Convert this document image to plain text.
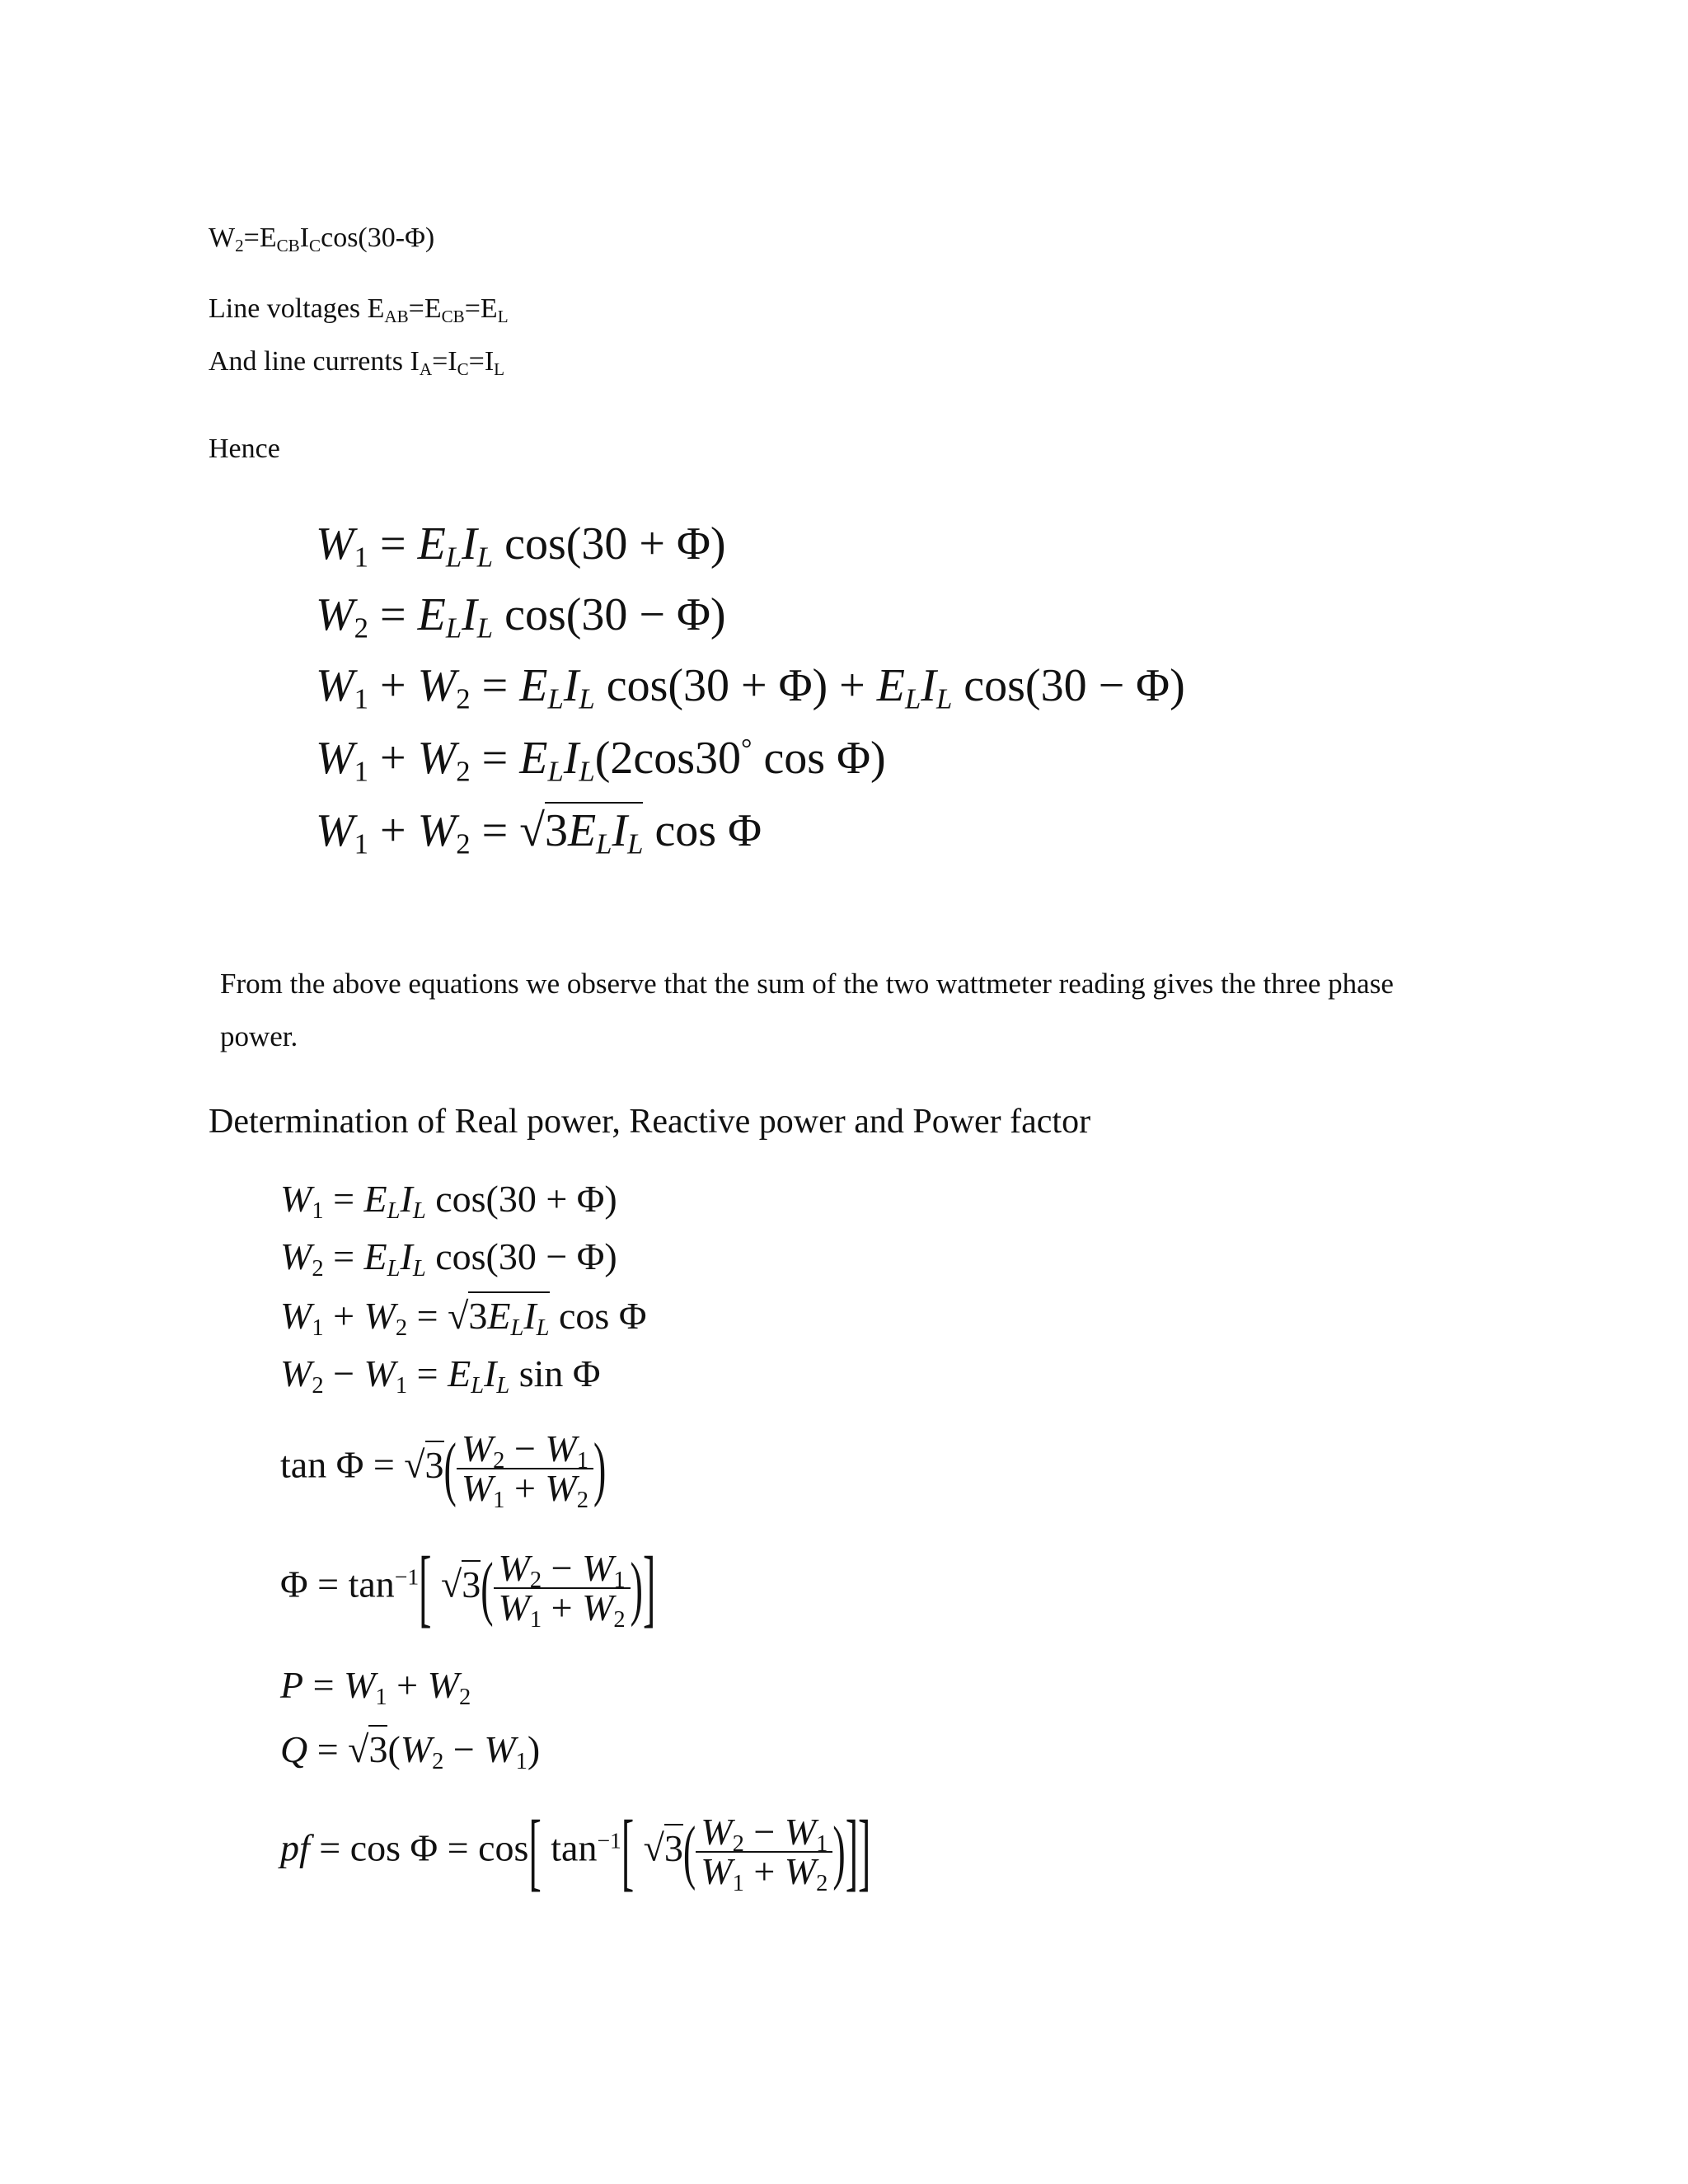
$W_2=E_{CB}I_C\cos(30-\Phi)$
Line voltages $E_{AB}=E_{CB}=E_L$
And line currents $I_A=I_C=I_L$
Hence
$W_1 = E_LI_L$ cos(30 + Φ)
$W_2 = E_LI_L$ cos(30 − Φ)
$W_1 + W_2 = E_LI_L$ $\cos(30 + \Phi) + E_LI_L$ cos(30 − Φ)
$W_1 + W_2 = E_LI_L(2\cos 30^\circ$ cos Φ)
$W_1 + W_2 = √3E_LI_L$ cos Φ
From the above equations we observe that the sum of the two wattmeter reading gives the three phase power.
Determination of Real power, Reactive power and Power factor
$W_1 = E_LI_L$ cos(30 + Φ)
$W_2 = E_LI_L$ cos(30 − Φ)
$W_1 + W_2 = √3E_LI_L$ cos Φ
$W_2 - W_1 = E_LI_L$ sin Φ
$\tan \Phi = √3( \frac{W_2 - W_1}{W_1 + W_2}$ )
$\Phi = \tan^{-1}$[ $√3( \frac{W_2 - W_1}{W_1 + W_2}$ )]
$P = W_1 + W_2$
$Q = √3(W_2 - W_1)$
pf = cos Φ = cos[ $\tan^{-1}$[ $√3( \frac{W_2 - W_1}{W_1 + W_2}$ )]]
